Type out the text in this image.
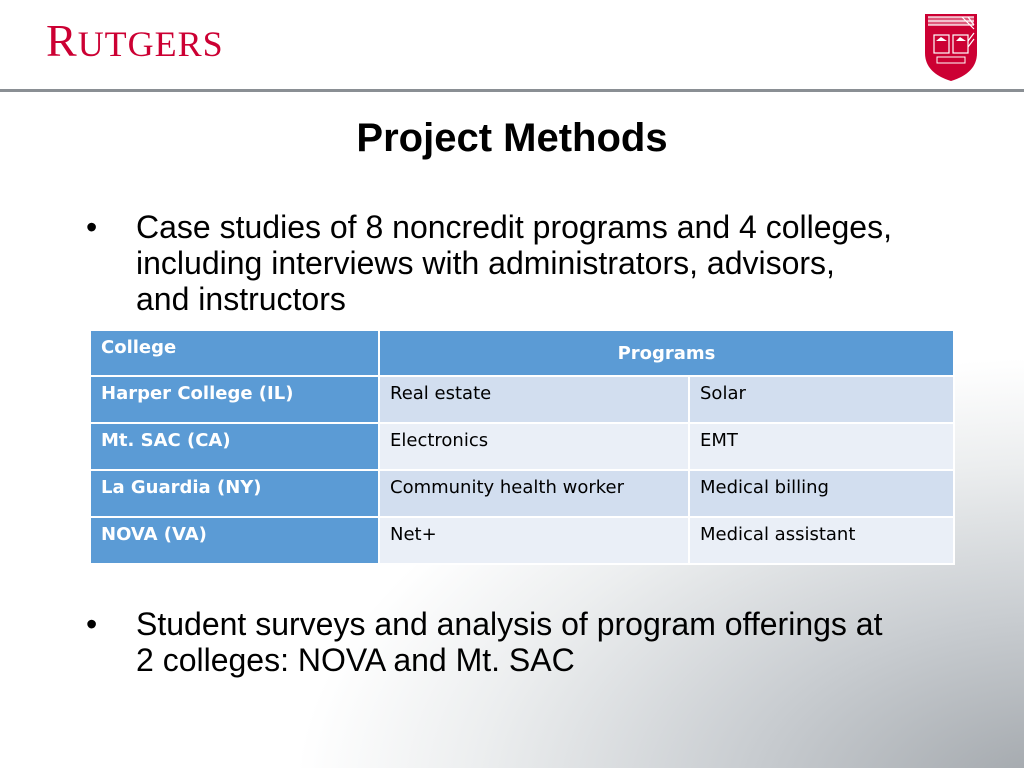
RUTGERS
Project Methods
• Case studies of 8 noncredit programs and 4 colleges, including interviews with administrators, advisors, and instructors
College	Programs	
Harper College (IL)	Real estate	Solar
Mt. SAC (CA)	Electronics	EMT
La Guardia (NY)	Community health worker	Medical billing
NOVA (VA)	Net+	Medical assistant
• Student surveys and analysis of program offerings at 2 colleges: NOVA and Mt. SAC
